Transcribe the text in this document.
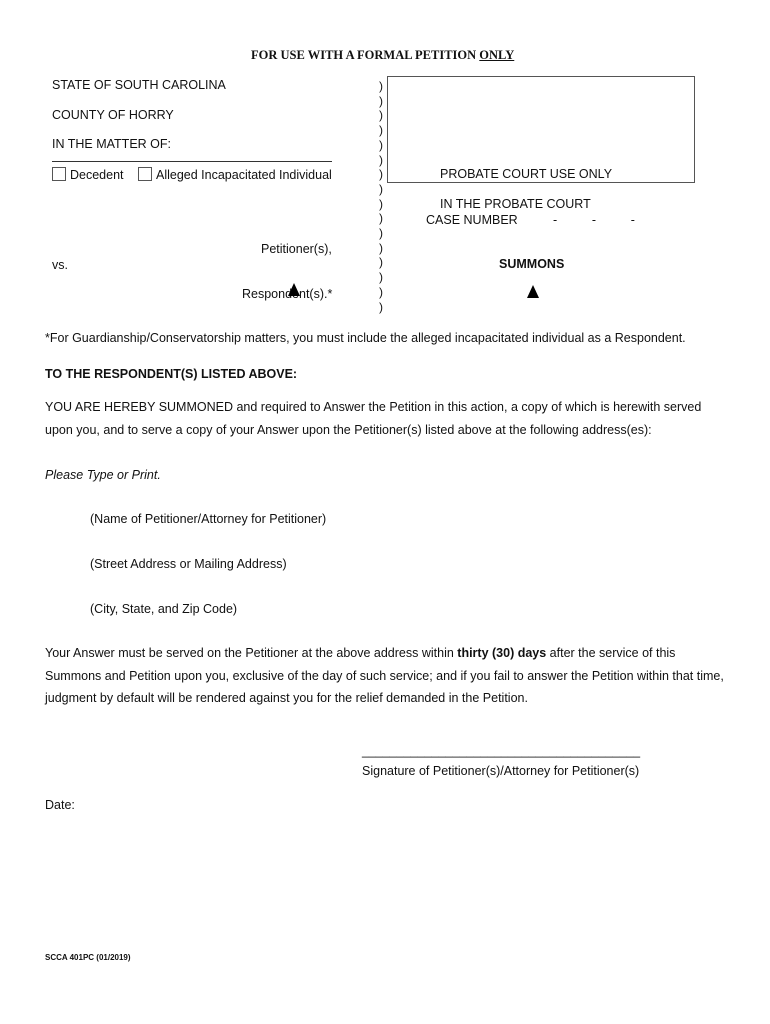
FOR USE WITH A FORMAL PETITION ONLY
STATE OF SOUTH CAROLINA
COUNTY OF HORRY
IN THE MATTER OF:
Decedent	Alleged Incapacitated Individual
Petitioner(s),
vs.
Respondent(s).*
)
)
)
)
)
)
)
)
)
)
)
)
)
)
)
)
PROBATE COURT USE ONLY
IN THE PROBATE COURT
CASE NUMBER	-          -          -
SUMMONS
*For Guardianship/Conservatorship matters, you must include the alleged incapacitated individual as a Respondent.
TO THE RESPONDENT(S) LISTED ABOVE:
YOU ARE HEREBY SUMMONED and required to Answer the Petition in this action, a copy of which is herewith served upon you, and to serve a copy of your Answer upon the Petitioner(s) listed above at the following address(es):
Please Type or Print.
(Name of Petitioner/Attorney for Petitioner)
(Street Address or Mailing Address)
(City, State, and Zip Code)
Your Answer must be served on the Petitioner at the above address within thirty (30) days after the service of this Summons and Petition upon you, exclusive of the day of such service; and if you fail to answer the Petition within that time, judgment by default will be rendered against you for the relief demanded in the Petition.
________________________________________
Signature of Petitioner(s)/Attorney for Petitioner(s)
Date:
SCCA 401PC (01/2019)
